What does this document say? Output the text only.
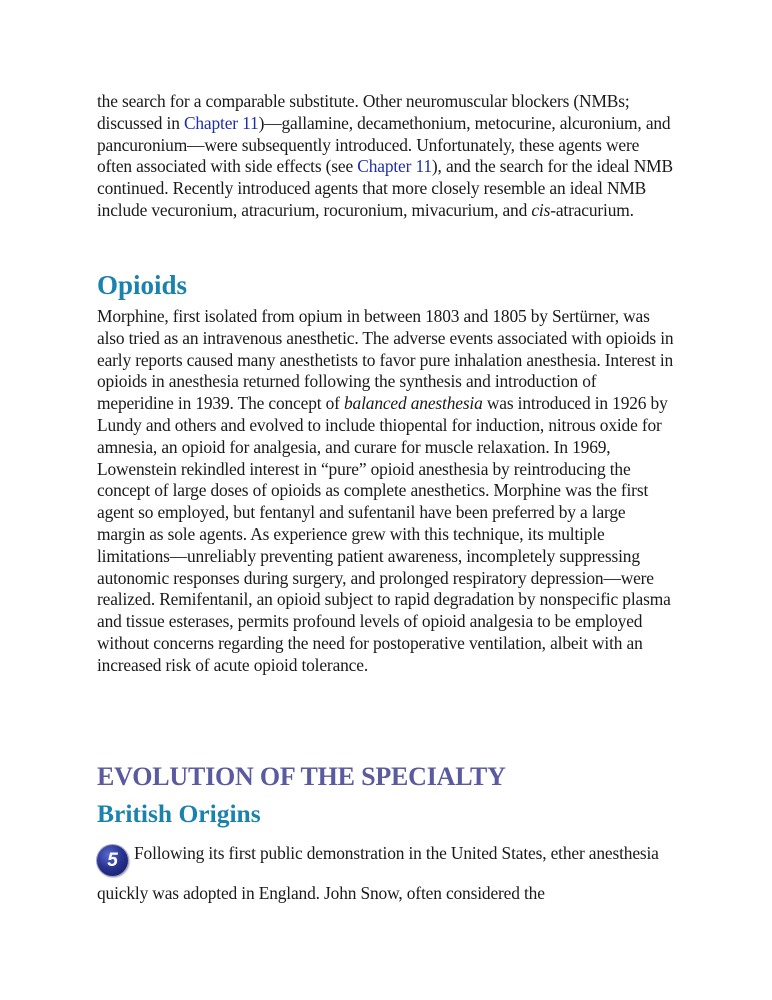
the search for a comparable substitute. Other neuromuscular blockers (NMBs; discussed in Chapter 11)—gallamine, decamethonium, metocurine, alcuronium, and pancuronium—were subsequently introduced. Unfortunately, these agents were often associated with side effects (see Chapter 11), and the search for the ideal NMB continued. Recently introduced agents that more closely resemble an ideal NMB include vecuronium, atracurium, rocuronium, mivacurium, and cis-atracurium.

Opioids

Morphine, first isolated from opium in between 1803 and 1805 by Sertürner, was also tried as an intravenous anesthetic. The adverse events associated with opioids in early reports caused many anesthetists to favor pure inhalation anesthesia. Interest in opioids in anesthesia returned following the synthesis and introduction of meperidine in 1939. The concept of balanced anesthesia was introduced in 1926 by Lundy and others and evolved to include thiopental for induction, nitrous oxide for amnesia, an opioid for analgesia, and curare for muscle relaxation. In 1969, Lowenstein rekindled interest in “pure” opioid anesthesia by reintroducing the concept of large doses of opioids as complete anesthetics. Morphine was the first agent so employed, but fentanyl and sufentanil have been preferred by a large margin as sole agents. As experience grew with this technique, its multiple limitations—unreliably preventing patient awareness, incompletely suppressing autonomic responses during surgery, and prolonged respiratory depression—were realized. Remifentanil, an opioid subject to rapid degradation by nonspecific plasma and tissue esterases, permits profound levels of opioid analgesia to be employed without concerns regarding the need for postoperative ventilation, albeit with an increased risk of acute opioid tolerance.

EVOLUTION OF THE SPECIALTY
British Origins

5 Following its first public demonstration in the United States, ether anesthesia quickly was adopted in England. John Snow, often considered the
